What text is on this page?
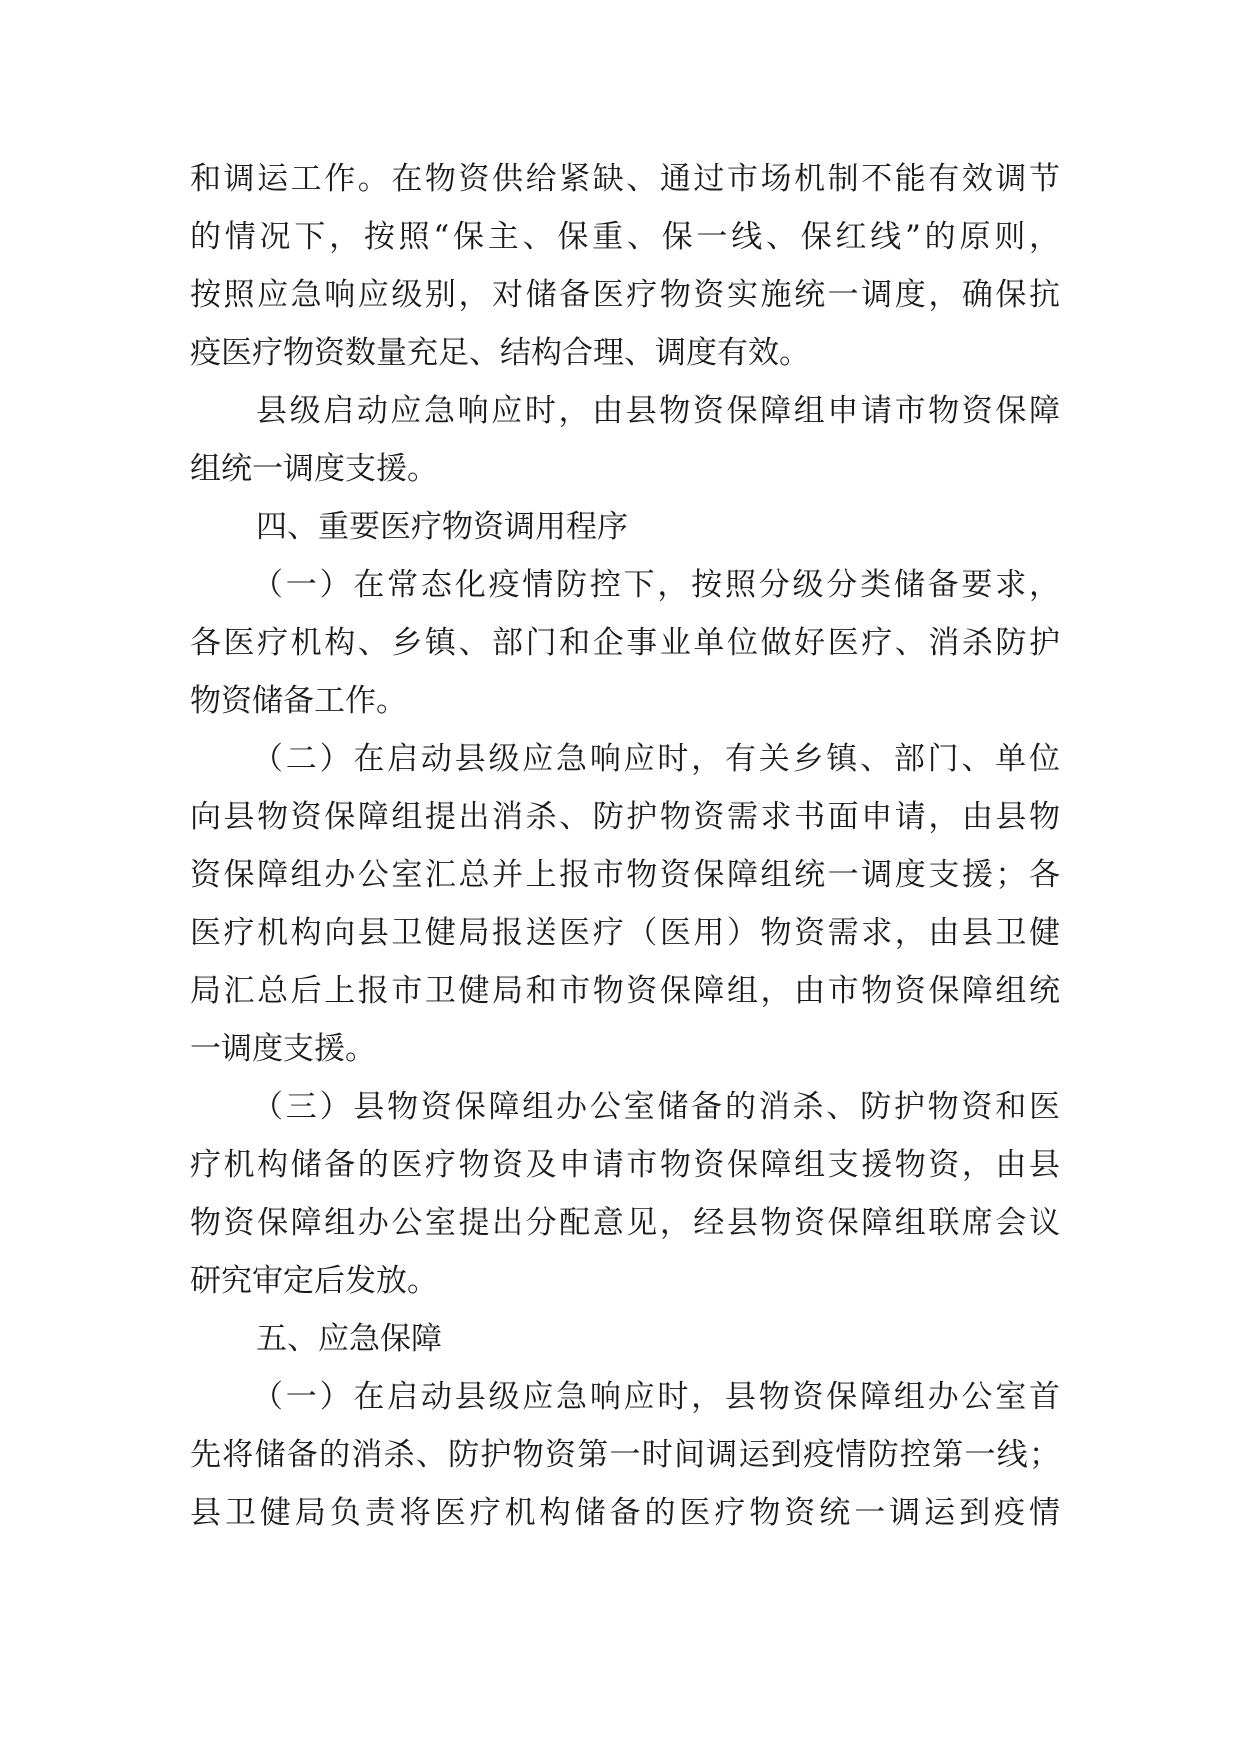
和调运工作。在物资供给紧缺、通过市场机制不能有效调节
的情况下，按照“保主、保重、保一线、保红线”的原则，
按照应急响应级别，对储备医疗物资实施统一调度，确保抗
疫医疗物资数量充足、结构合理、调度有效。
县级启动应急响应时，由县物资保障组申请市物资保障
组统一调度支援。
四、重要医疗物资调用程序
（一）在常态化疫情防控下，按照分级分类储备要求，
各医疗机构、乡镇、部门和企事业单位做好医疗、消杀防护
物资储备工作。
（二）在启动县级应急响应时，有关乡镇、部门、单位
向县物资保障组提出消杀、防护物资需求书面申请，由县物
资保障组办公室汇总并上报市物资保障组统一调度支援；各
医疗机构向县卫健局报送医疗（医用）物资需求，由县卫健
局汇总后上报市卫健局和市物资保障组，由市物资保障组统
一调度支援。
（三）县物资保障组办公室储备的消杀、防护物资和医
疗机构储备的医疗物资及申请市物资保障组支援物资，由县
物资保障组办公室提出分配意见，经县物资保障组联席会议
研究审定后发放。
五、应急保障
（一）在启动县级应急响应时，县物资保障组办公室首
先将储备的消杀、防护物资第一时间调运到疫情防控第一线；
县卫健局负责将医疗机构储备的医疗物资统一调运到疫情
